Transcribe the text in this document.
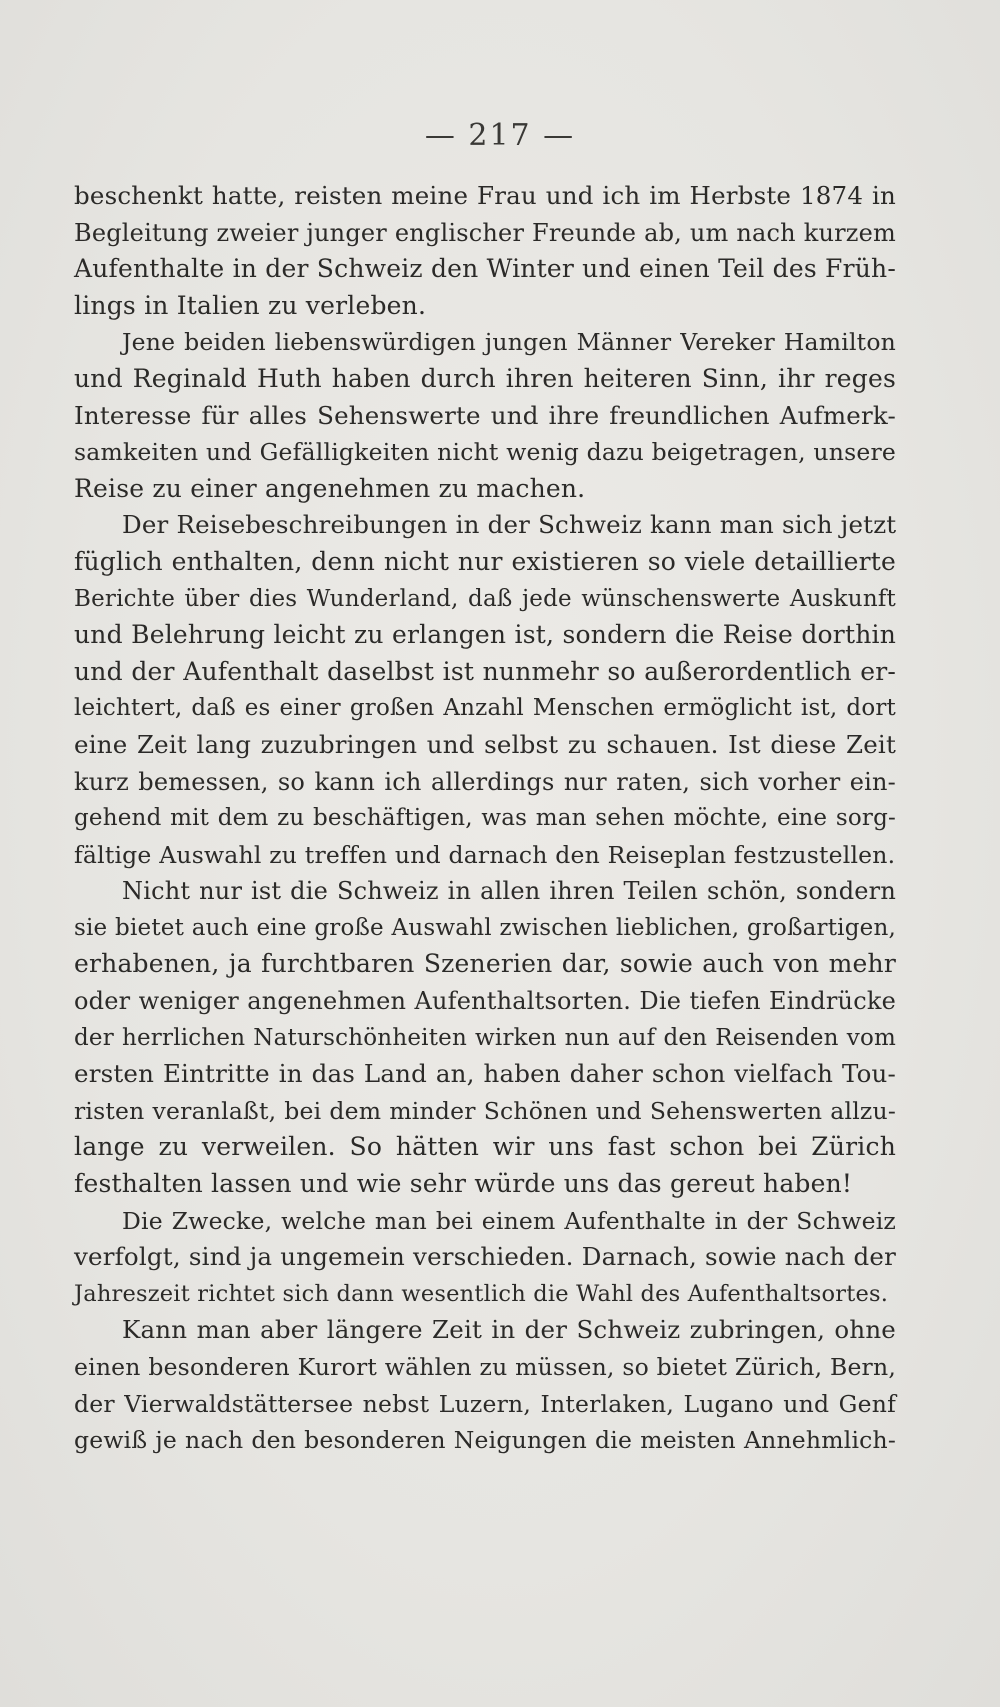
— 217 —
beschenkt hatte, reisten meine Frau und ich im Herbste 1874 in
Begleitung zweier junger englischer Freunde ab, um nach kurzem
Aufenthalte in der Schweiz den Winter und einen Teil des Früh-
lings in Italien zu verleben.
Jene beiden liebenswürdigen jungen Männer Vereker Hamilton
und Reginald Huth haben durch ihren heiteren Sinn, ihr reges
Interesse für alles Sehenswerte und ihre freundlichen Aufmerk-
samkeiten und Gefälligkeiten nicht wenig dazu beigetragen, unsere
Reise zu einer angenehmen zu machen.
Der Reisebeschreibungen in der Schweiz kann man sich jetzt
füglich enthalten, denn nicht nur existieren so viele detaillierte
Berichte über dies Wunderland, daß jede wünschenswerte Auskunft
und Belehrung leicht zu erlangen ist, sondern die Reise dorthin
und der Aufenthalt daselbst ist nunmehr so außerordentlich er-
leichtert, daß es einer großen Anzahl Menschen ermöglicht ist, dort
eine Zeit lang zuzubringen und selbst zu schauen. Ist diese Zeit
kurz bemessen, so kann ich allerdings nur raten, sich vorher ein-
gehend mit dem zu beschäftigen, was man sehen möchte, eine sorg-
fältige Auswahl zu treffen und darnach den Reiseplan festzustellen.
Nicht nur ist die Schweiz in allen ihren Teilen schön, sondern
sie bietet auch eine große Auswahl zwischen lieblichen, großartigen,
erhabenen, ja furchtbaren Szenerien dar, sowie auch von mehr
oder weniger angenehmen Aufenthaltsorten. Die tiefen Eindrücke
der herrlichen Naturschönheiten wirken nun auf den Reisenden vom
ersten Eintritte in das Land an, haben daher schon vielfach Tou-
risten veranlaßt, bei dem minder Schönen und Sehenswerten allzu-
lange zu verweilen. So hätten wir uns fast schon bei Zürich
festhalten lassen und wie sehr würde uns das gereut haben!
Die Zwecke, welche man bei einem Aufenthalte in der Schweiz
verfolgt, sind ja ungemein verschieden. Darnach, sowie nach der
Jahreszeit richtet sich dann wesentlich die Wahl des Aufenthaltsortes.
Kann man aber längere Zeit in der Schweiz zubringen, ohne
einen besonderen Kurort wählen zu müssen, so bietet Zürich, Bern,
der Vierwaldstättersee nebst Luzern, Interlaken, Lugano und Genf
gewiß je nach den besonderen Neigungen die meisten Annehmlich-
